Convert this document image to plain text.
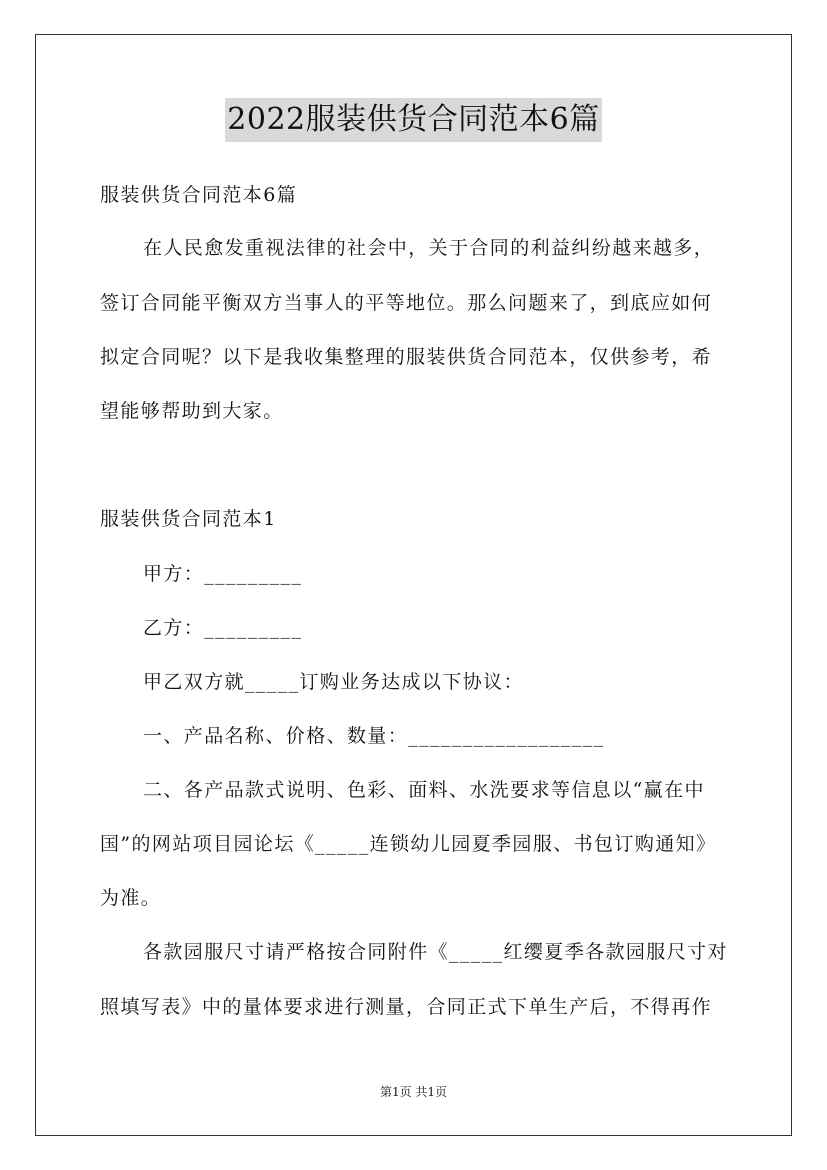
2022服装供货合同范本6篇
服装供货合同范本6篇
在人民愈发重视法律的社会中，关于合同的利益纠纷越来越多，
签订合同能平衡双方当事人的平等地位。那么问题来了，到底应如何
拟定合同呢？以下是我收集整理的服装供货合同范本，仅供参考，希
望能够帮助到大家。
服装供货合同范本1
甲方：_________
乙方：_________
甲乙双方就_____订购业务达成以下协议：
一、产品名称、价格、数量：__________________
二、各产品款式说明、色彩、面料、水洗要求等信息以“赢在中
国”的网站项目园论坛《_____连锁幼儿园夏季园服、书包订购通知》
为准。
各款园服尺寸请严格按合同附件《_____红缨夏季各款园服尺寸对
照填写表》中的量体要求进行测量，合同正式下单生产后，不得再作
第1页 共1页
